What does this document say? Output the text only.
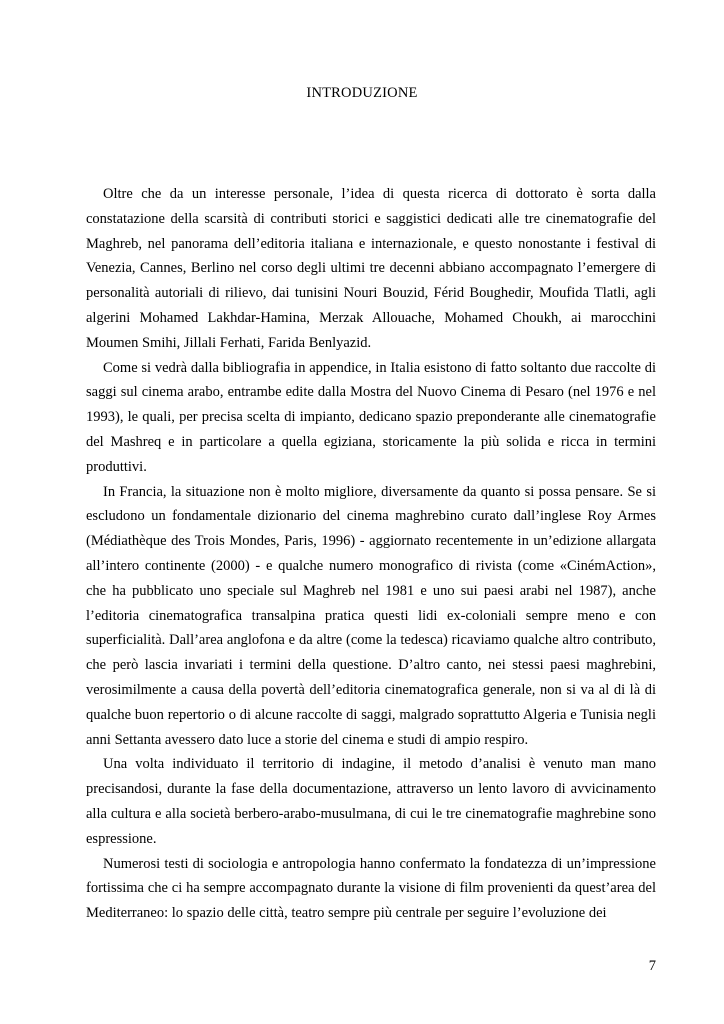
INTRODUZIONE

Oltre che da un interesse personale, l’idea di questa ricerca di dottorato è sorta dalla constatazione della scarsità di contributi storici e saggistici dedicati alle tre cinematografie del Maghreb, nel panorama dell’editoria italiana e internazionale, e questo nonostante i festival di Venezia, Cannes, Berlino nel corso degli ultimi tre decenni abbiano accompagnato l’emergere di personalità autoriali di rilievo, dai tunisini Nouri Bouzid, Férid Boughedir, Moufida Tlatli, agli algerini Mohamed Lakhdar-Hamina, Merzak Allouache, Mohamed Choukh, ai marocchini Moumen Smihi, Jillali Ferhati, Farida Benlyazid.

Come si vedrà dalla bibliografia in appendice, in Italia esistono di fatto soltanto due raccolte di saggi sul cinema arabo, entrambe edite dalla Mostra del Nuovo Cinema di Pesaro (nel 1976 e nel 1993), le quali, per precisa scelta di impianto, dedicano spazio preponderante alle cinematografie del Mashreq e in particolare a quella egiziana, storicamente la più solida e ricca in termini produttivi.

In Francia, la situazione non è molto migliore, diversamente da quanto si possa pensare. Se si escludono un fondamentale dizionario del cinema maghrebino curato dall’inglese Roy Armes (Médiathèque des Trois Mondes, Paris, 1996) - aggiornato recentemente in un’edizione allargata all’intero continente (2000) - e qualche numero monografico di rivista (come «CinémAction», che ha pubblicato uno speciale sul Maghreb nel 1981 e uno sui paesi arabi nel 1987), anche l’editoria cinematografica transalpina pratica questi lidi ex-coloniali sempre meno e con superficialità. Dall’area anglofona e da altre (come la tedesca) ricaviamo qualche altro contributo, che però lascia invariati i termini della questione. D’altro canto, nei stessi paesi maghrebini, verosimilmente a causa della povertà dell’editoria cinematografica generale, non si va al di là di qualche buon repertorio o di alcune raccolte di saggi, malgrado soprattutto Algeria e Tunisia negli anni Settanta avessero dato luce a storie del cinema e studi di ampio respiro.

Una volta individuato il territorio di indagine, il metodo d’analisi è venuto man mano precisandosi, durante la fase della documentazione, attraverso un lento lavoro di avvicinamento alla cultura e alla società berbero-arabo-musulmana, di cui le tre cinematografie maghrebine sono espressione.

Numerosi testi di sociologia e antropologia hanno confermato la fondatezza di un’impressione fortissima che ci ha sempre accompagnato durante la visione di film provenienti da quest’area del Mediterraneo: lo spazio delle città, teatro sempre più centrale per seguire l’evoluzione dei

7
